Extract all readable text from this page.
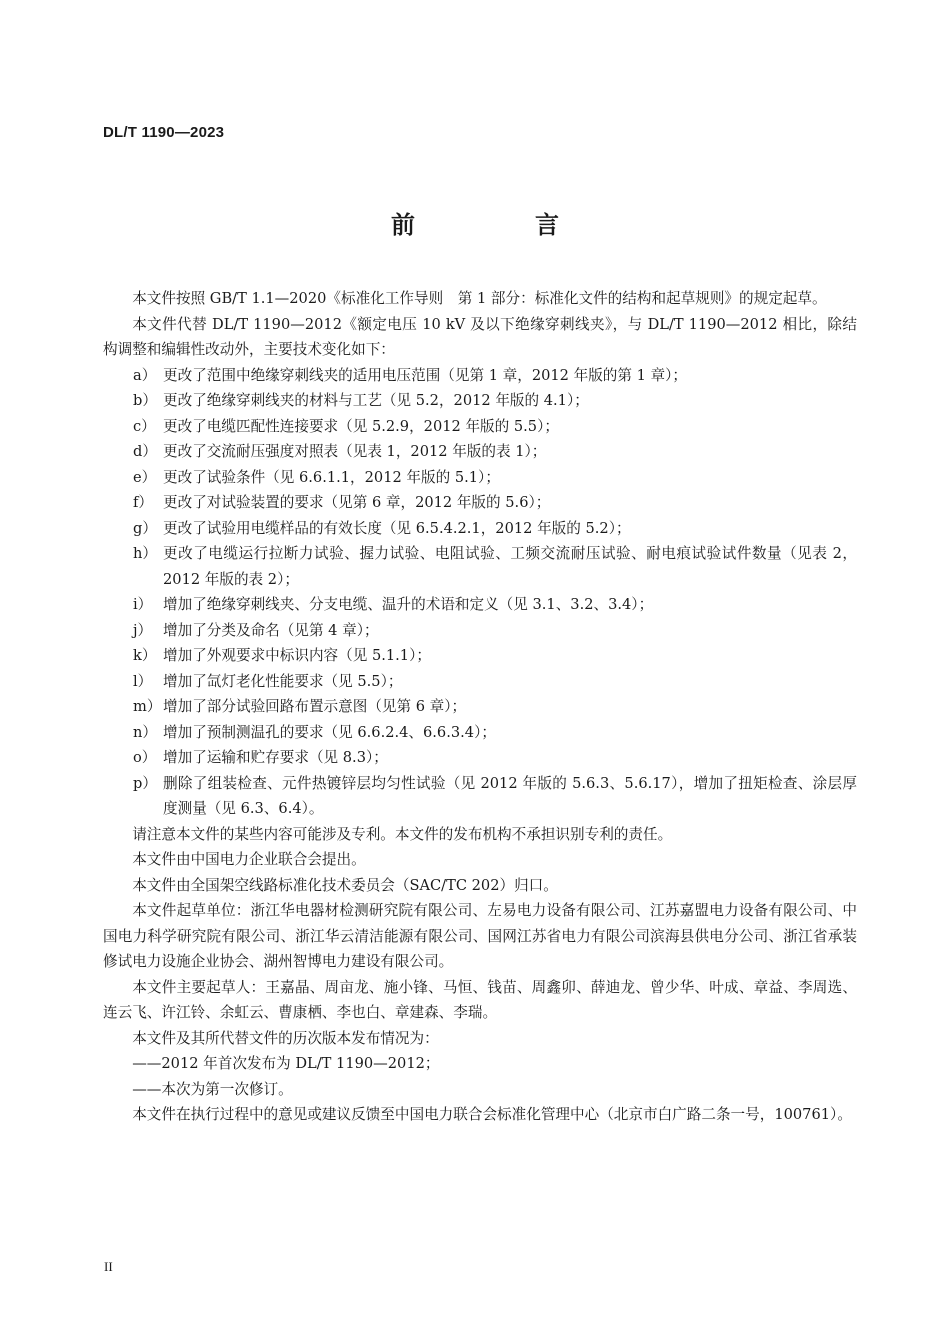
DL/T 1190—2023
前　言

本文件按照 GB/T 1.1—2020《标准化工作导则　第 1 部分：标准化文件的结构和起草规则》的规定起草。

本文件代替 DL/T 1190—2012《额定电压 10 kV 及以下绝缘穿刺线夹》，与 DL/T 1190—2012 相比，除结构调整和编辑性改动外，主要技术变化如下：

a） 更改了范围中绝缘穿刺线夹的适用电压范围（见第 1 章，2012 年版的第 1 章）；
b） 更改了绝缘穿刺线夹的材料与工艺（见 5.2，2012 年版的 4.1）；
c） 更改了电缆匹配性连接要求（见 5.2.9，2012 年版的 5.5）；
d） 更改了交流耐压强度对照表（见表 1，2012 年版的表 1）；
e） 更改了试验条件（见 6.6.1.1，2012 年版的 5.1）；
f） 更改了对试验装置的要求（见第 6 章，2012 年版的 5.6）；
g） 更改了试验用电缆样品的有效长度（见 6.5.4.2.1，2012 年版的 5.2）；
h） 更改了电缆运行拉断力试验、握力试验、电阻试验、工频交流耐压试验、耐电痕试验试件数量（见表 2，2012 年版的表 2）；
i） 增加了绝缘穿刺线夹、分支电缆、温升的术语和定义（见 3.1、3.2、3.4）；
j） 增加了分类及命名（见第 4 章）；
k） 增加了外观要求中标识内容（见 5.1.1）；
l） 增加了氙灯老化性能要求（见 5.5）；
m） 增加了部分试验回路布置示意图（见第 6 章）；
n） 增加了预制测温孔的要求（见 6.6.2.4、6.6.3.4）；
o） 增加了运输和贮存要求（见 8.3）；
p） 删除了组装检查、元件热镀锌层均匀性试验（见 2012 年版的 5.6.3、5.6.17），增加了扭矩检查、涂层厚度测量（见 6.3、6.4）。

请注意本文件的某些内容可能涉及专利。本文件的发布机构不承担识别专利的责任。

本文件由中国电力企业联合会提出。

本文件由全国架空线路标准化技术委员会（SAC/TC 202）归口。

本文件起草单位：浙江华电器材检测研究院有限公司、左易电力设备有限公司、江苏嘉盟电力设备有限公司、中国电力科学研究院有限公司、浙江华云清洁能源有限公司、国网江苏省电力有限公司滨海县供电分公司、浙江省承装修试电力设施企业协会、湖州智博电力建设有限公司。

本文件主要起草人：王嘉晶、周亩龙、施小锋、马恒、钱苗、周鑫卯、薛迪龙、曾少华、叶成、章益、李周选、连云飞、许江铃、余虹云、曹康栖、李也白、章建森、李瑞。

本文件及其所代替文件的历次版本发布情况为：

——2012 年首次发布为 DL/T 1190—2012；

——本次为第一次修订。

本文件在执行过程中的意见或建议反馈至中国电力联合会标准化管理中心（北京市白广路二条一号，100761）。

II
